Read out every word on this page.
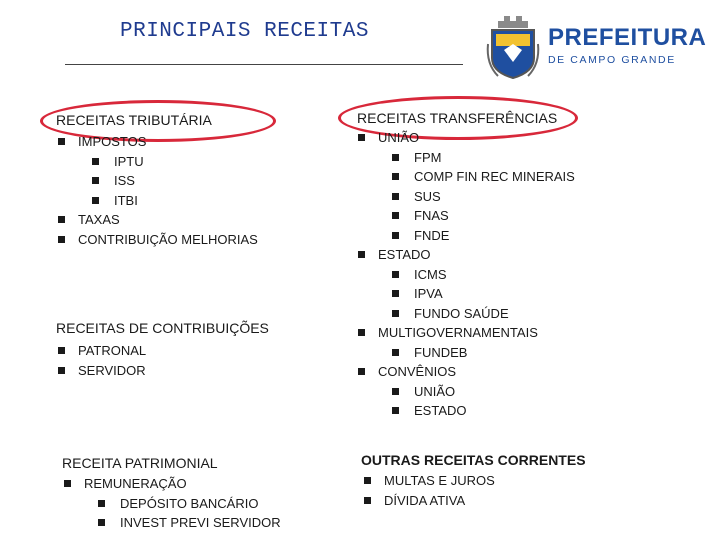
PRINCIPAIS RECEITAS	PREFEITURA
DE CAMPO GRANDE
RECEITAS TRIBUTÁRIA
IMPOSTOS
IPTU
ISS
ITBI
TAXAS
CONTRIBUIÇÃO MELHORIAS
RECEITAS DE CONTRIBUIÇÕES
PATRONAL
SERVIDOR
RECEITA PATRIMONIAL
REMUNERAÇÃO
DEPÓSITO BANCÁRIO
INVEST PREVI SERVIDOR
RECEITAS TRANSFERÊNCIAS
UNIÃO
FPM
COMP FIN REC MINERAIS
SUS
FNAS
FNDE
ESTADO
ICMS
IPVA
FUNDO SAÚDE
MULTIGOVERNAMENTAIS
FUNDEB
CONVÊNIOS
UNIÃO
ESTADO
OUTRAS RECEITAS CORRENTES
MULTAS E JUROS
DÍVIDA ATIVA
